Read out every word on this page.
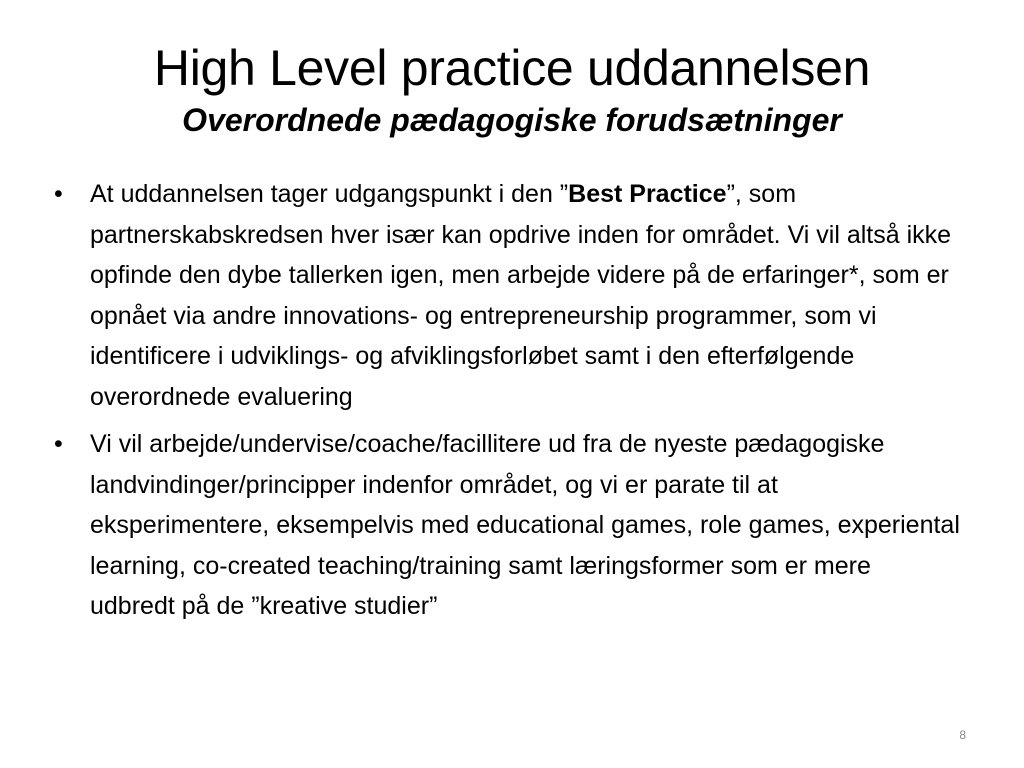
High Level practice uddannelsen
Overordnede pædagogiske forudsætninger
•	At uddannelsen tager udgangspunkt i den ”Best Practice”, som partnerskabskredsen hver især kan opdrive inden for området. Vi vil altså ikke opfinde den dybe tallerken igen, men arbejde videre på de erfaringer*, som er opnået via andre innovations- og entrepreneurship programmer, som vi identificere i udviklings- og afviklingsforløbet samt i den efterfølgende overordnede evaluering
•	Vi vil arbejde/undervise/coache/facillitere ud fra de nyeste pædagogiske landvindinger/principper indenfor området, og vi er parate til at eksperimentere, eksempelvis med educational games, role games, experiental learning, co-created teaching/training samt læringsformer som er mere udbredt på de ”kreative studier”
8
